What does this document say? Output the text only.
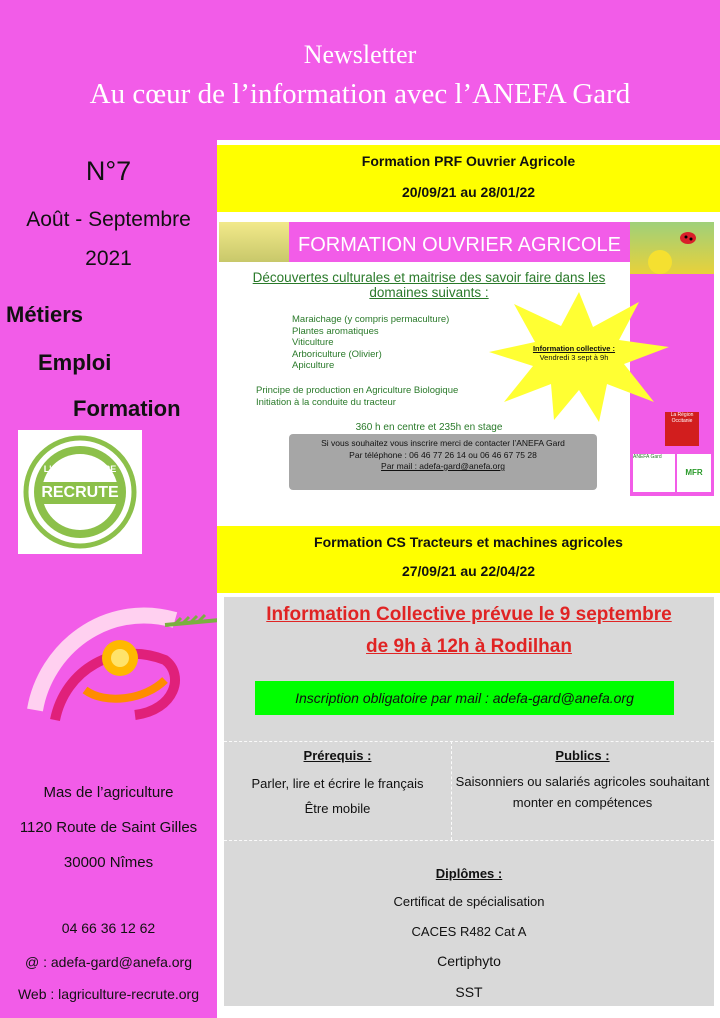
Newsletter
Au cœur de l’information avec l’ANEFA Gard
N°7
Août - Septembre
2021
Métiers
Emploi
Formation
L'AGRICULTURE
RECRUTE
Mas de l’agriculture
1120 Route de Saint Gilles
30000 Nîmes
04 66 36 12 62
@ : adefa-gard@anefa.org
Web : lagriculture-recrute.org
Formation PRF Ouvrier Agricole
20/09/21 au 28/01/22
FORMATION OUVRIER AGRICOLE
La Région Occitanie
ANEFA Gard
MFR
Découvertes culturales et maitrise des savoir faire dans les
domaines suivants :
Maraichage (y compris permaculture)
Plantes aromatiques
Viticulture
Arboriculture (Olivier)
Apiculture
Principe de production en Agriculture Biologique
Initiation à la conduite du tracteur
Information collective :
Vendredi 3 sept à 9h
360 h en centre et 235h en stage
Si vous souhaitez vous inscrire merci de contacter l’ANEFA Gard
Par téléphone : 06 46 77 26 14 ou 06 46 67 75 28
Par mail : adefa-gard@anefa.org
Formation CS Tracteurs et machines agricoles
27/09/21 au 22/04/22
Information Collective prévue le 9 septembre
de 9h à 12h à Rodilhan
Inscription obligatoire par mail : adefa-gard@anefa.org
Prérequis :
Parler, lire et écrire le français
Être mobile
Publics :
Saisonniers ou salariés agricoles souhaitant
monter en compétences
Diplômes :
Certificat de spécialisation
CACES R482 Cat A
Certiphyto
SST
